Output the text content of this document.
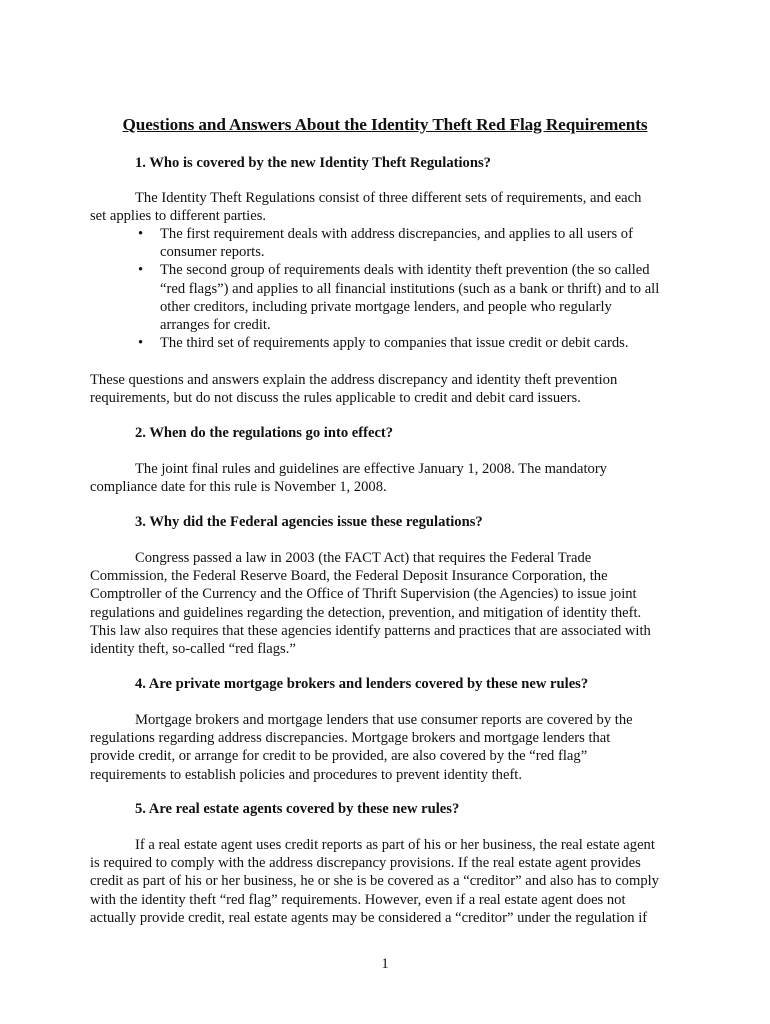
Questions and Answers About the Identity Theft Red Flag Requirements
1. Who is covered by the new Identity Theft Regulations?
The Identity Theft Regulations consist of three different sets of requirements, and each
set applies to different parties.
• The first requirement deals with address discrepancies, and applies to all users of
consumer reports.
• The second group of requirements deals with identity theft prevention (the so called
“red flags”) and applies to all financial institutions (such as a bank or thrift) and to all
other creditors, including private mortgage lenders, and people who regularly
arranges for credit.
• The third set of requirements apply to companies that issue credit or debit cards.
These questions and answers explain the address discrepancy and identity theft prevention
requirements, but do not discuss the rules applicable to credit and debit card issuers.
2. When do the regulations go into effect?
The joint final rules and guidelines are effective January 1, 2008. The mandatory
compliance date for this rule is November 1, 2008.
3. Why did the Federal agencies issue these regulations?
Congress passed a law in 2003 (the FACT Act) that requires the Federal Trade
Commission, the Federal Reserve Board, the Federal Deposit Insurance Corporation, the
Comptroller of the Currency and the Office of Thrift Supervision (the Agencies) to issue joint
regulations and guidelines regarding the detection, prevention, and mitigation of identity theft.
This law also requires that these agencies identify patterns and practices that are associated with
identity theft, so-called “red flags.”
4. Are private mortgage brokers and lenders covered by these new rules?
Mortgage brokers and mortgage lenders that use consumer reports are covered by the
regulations regarding address discrepancies. Mortgage brokers and mortgage lenders that
provide credit, or arrange for credit to be provided, are also covered by the “red flag”
requirements to establish policies and procedures to prevent identity theft.
5. Are real estate agents covered by these new rules?
If a real estate agent uses credit reports as part of his or her business, the real estate agent
is required to comply with the address discrepancy provisions. If the real estate agent provides
credit as part of his or her business, he or she is be covered as a “creditor” and also has to comply
with the identity theft “red flag” requirements. However, even if a real estate agent does not
actually provide credit, real estate agents may be considered a “creditor” under the regulation if
1
